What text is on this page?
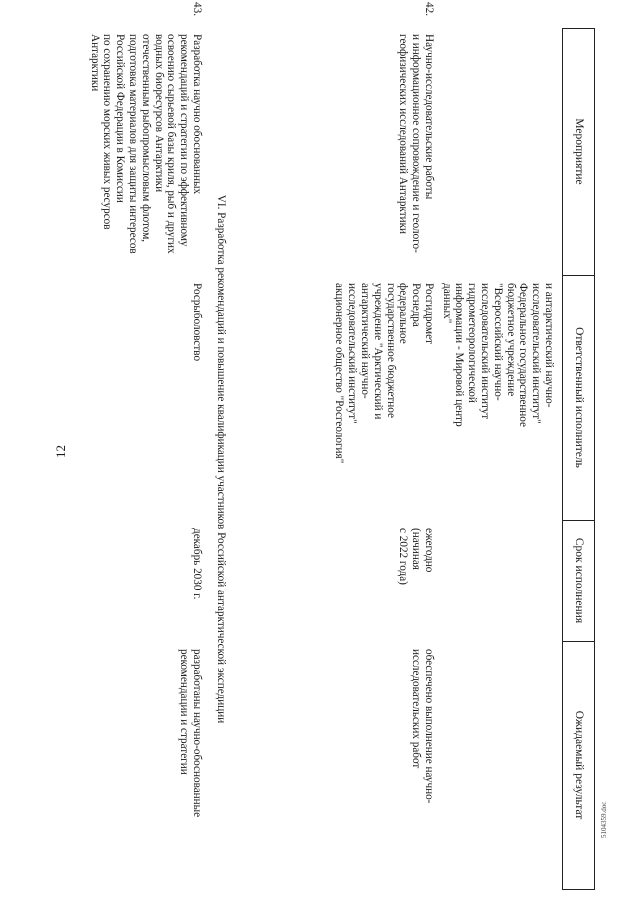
12
Мероприятие
Ответственный исполнитель
Срок исполнения
Ожидаемый результат
и антарктический научно-
исследовательский институт"
Федеральное государственное
бюджетное учреждение
"Всероссийский научно-
исследовательский институт
гидрометеорологической
информации - Мировой центр
данных"
42.
Научно-исследовательские работы
и информационное сопровождение и геолого-
геофизических исследований Антарктики
Росгидромет
Роснедра
федеральное
государственное бюджетное
учреждение "Арктический и
антарктический научно-
исследовательский институт"
акционерное общество "Росгеология"
ежегодно
(начиная
с 2022 года)
обеспечено выполнение научно-
исследовательских работ
VI. Разработка рекомендаций и повышение квалификации участников Российской антарктической экспедиции
43.
Разработка научно обоснованных
рекомендаций и стратегии по эффективному
освоению сырьевой базы криля, рыб и других
водных биоресурсов Антарктики
отечественным рыбопромысловым флотом,
подготовка материалов для защиты интересов
Российской Федерации в Комиссии
по сохранению морских живых ресурсов
Антарктики
Росрыболовство
декабрь 2030 г.
разработаны научно-обоснованные
рекомендации и стратегии
5104359.doc
